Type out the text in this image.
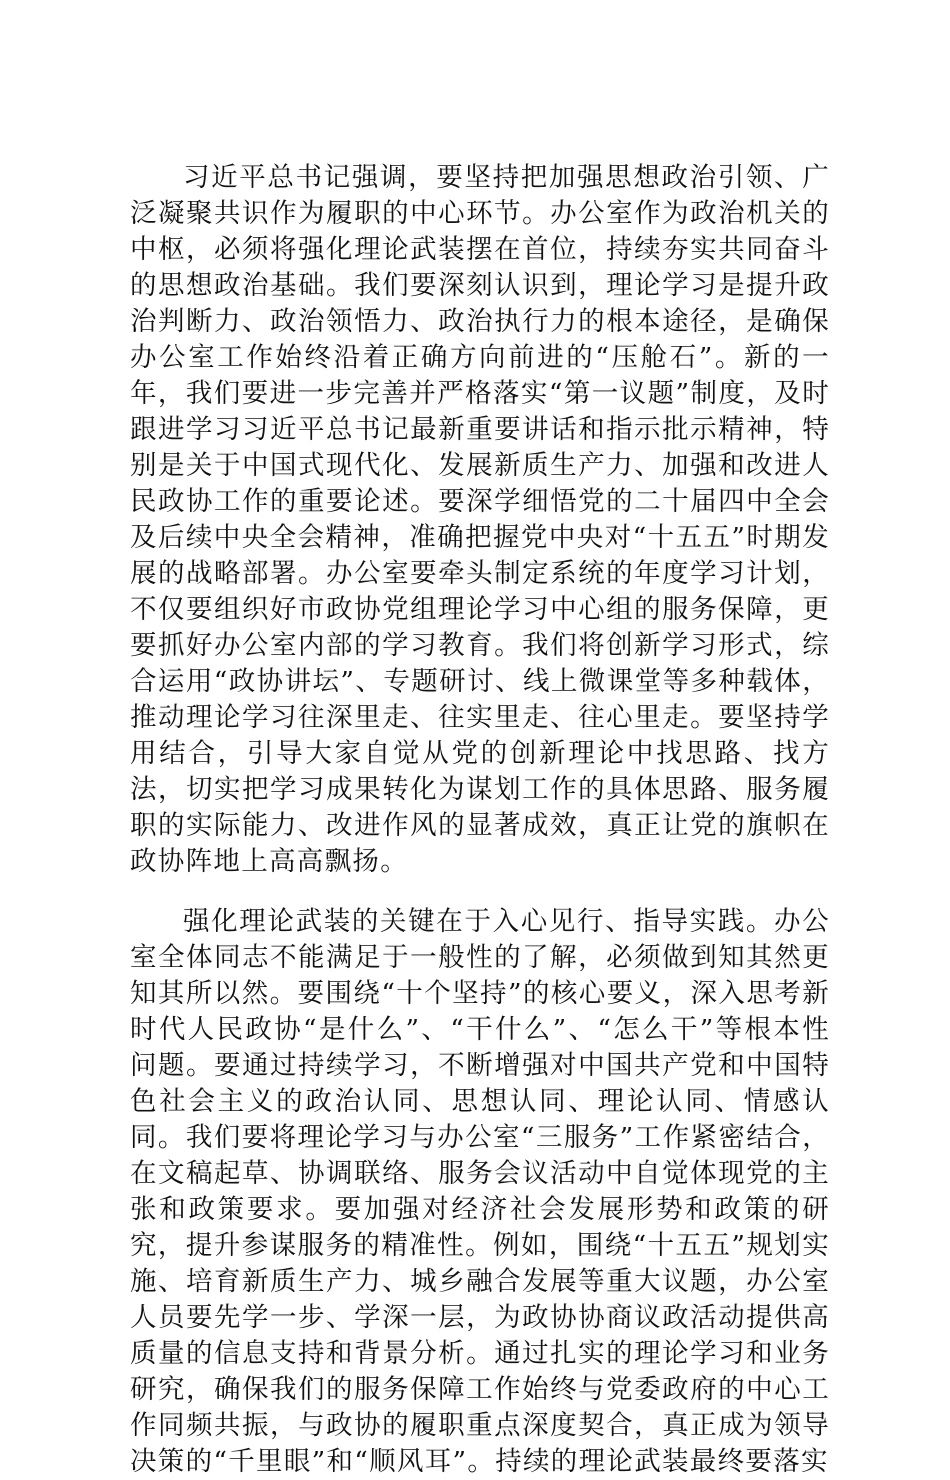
习近平总书记强调，要坚持把加强思想政治引领、广泛凝聚共识作为履职的中心环节。办公室作为政治机关的中枢，必须将强化理论武装摆在首位，持续夯实共同奋斗的思想政治基础。我们要深刻认识到，理论学习是提升政治判断力、政治领悟力、政治执行力的根本途径，是确保办公室工作始终沿着正确方向前进的“压舱石”。新的一年，我们要进一步完善并严格落实“第一议题”制度，及时跟进学习习近平总书记最新重要讲话和指示批示精神，特别是关于中国式现代化、发展新质生产力、加强和改进人民政协工作的重要论述。要深学细悟党的二十届四中全会及后续中央全会精神，准确把握党中央对“十五五”时期发展的战略部署。办公室要牵头制定系统的年度学习计划，不仅要组织好市政协党组理论学习中心组的服务保障，更要抓好办公室内部的学习教育。我们将创新学习形式，综合运用“政协讲坛”、专题研讨、线上微课堂等多种载体，推动理论学习往深里走、往实里走、往心里走。要坚持学用结合，引导大家自觉从党的创新理论中找思路、找方法，切实把学习成果转化为谋划工作的具体思路、服务履职的实际能力、改进作风的显著成效，真正让党的旗帜在政协阵地上高高飘扬。

强化理论武装的关键在于入心见行、指导实践。办公室全体同志不能满足于一般性的了解，必须做到知其然更知其所以然。要围绕“十个坚持”的核心要义，深入思考新时代人民政协“是什么”、“干什么”、“怎么干”等根本性问题。要通过持续学习，不断增强对中国共产党和中国特色社会主义的政治认同、思想认同、理论认同、情感认同。我们要将理论学习与办公室“三服务”工作紧密结合，在文稿起草、协调联络、服务会议活动中自觉体现党的主张和政策要求。要加强对经济社会发展形势和政策的研究，提升参谋服务的精准性。例如，围绕“十五五”规划实施、培育新质生产力、城乡融合发展等重大议题，办公室人员要先学一步、学深一层，为政协协商议政活动提供高质量的信息支持和背景分析。通过扎实的理论学习和业务研究，确保我们的服务保障工作始终与党委政府的中心工作同频共振，与政协的履职重点深度契合，真正成为领导决策的“千里眼”和“顺风耳”。持续的理论武装最终要落实
